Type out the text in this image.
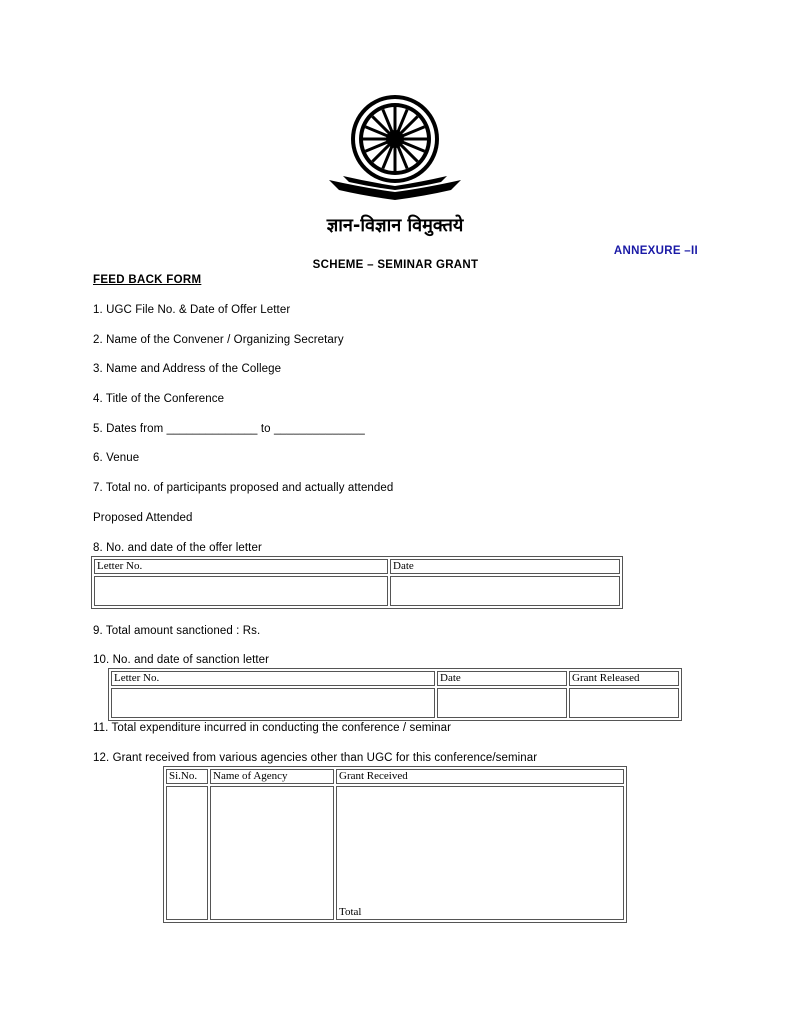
ज्ञान-विज्ञान विमुक्तये
ANNEXURE –II
SCHEME – SEMINAR GRANT
FEED BACK FORM
1. UGC File No. & Date of Offer Letter
2. Name of the Convener / Organizing Secretary
3. Name and Address of the College
4. Title of the Conference
5. Dates from ______________ to ______________
6. Venue
7. Total no. of participants proposed and actually attended
Proposed Attended
8. No. and date of the offer letter
Letter No.	Date

9. Total amount sanctioned : Rs.
10. No. and date of sanction letter
Letter No.	Date	Grant Released

11. Total expenditure incurred in conducting the conference / seminar
12. Grant received from various agencies other than UGC for this conference/seminar
Si.No.	Name of Agency	Grant Received

Total
